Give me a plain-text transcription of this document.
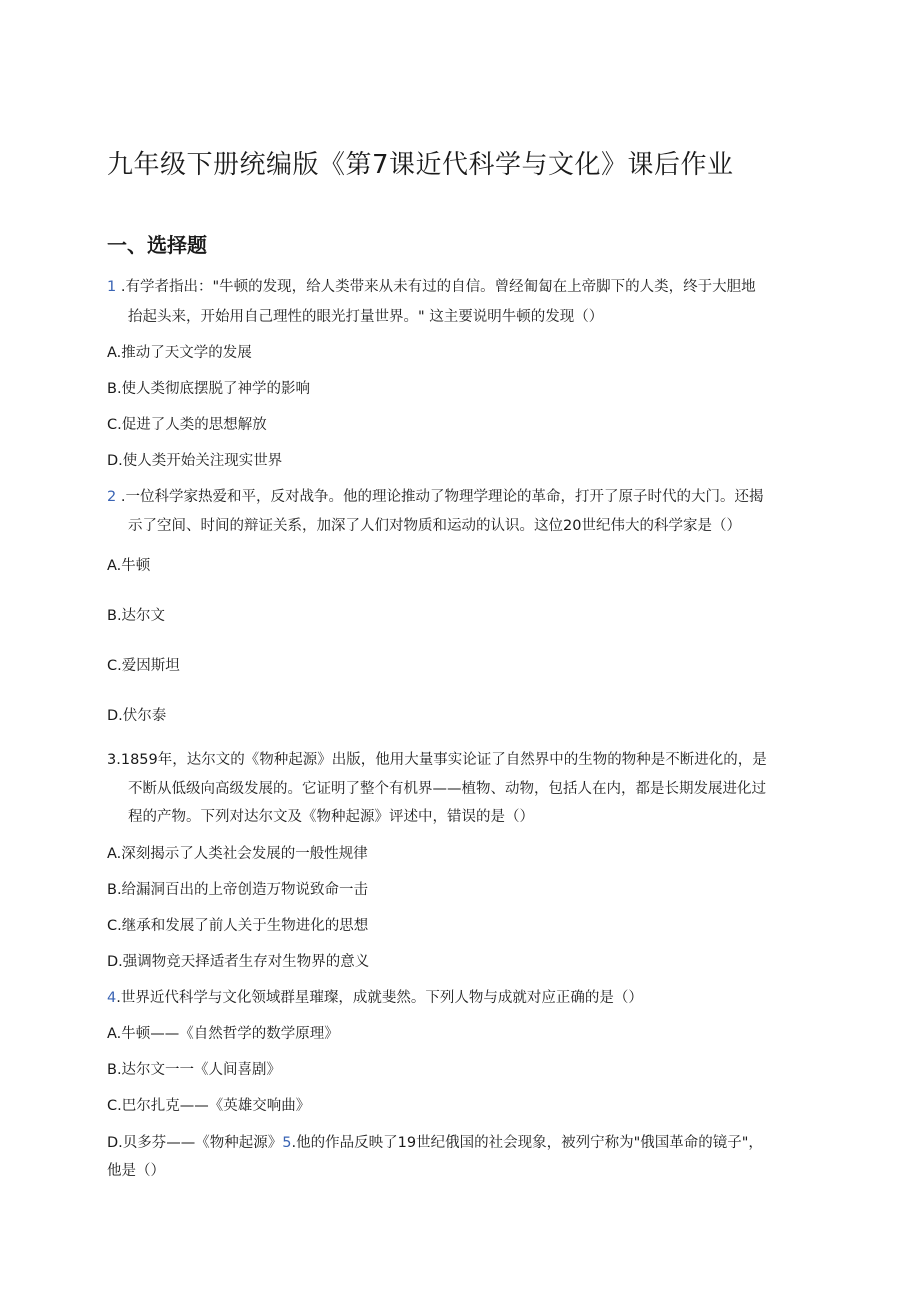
九年级下册统编版《第7课近代科学与文化》课后作业
一、选择题
1 .有学者指出："牛顿的发现，给人类带来从未有过的自信。曾经匍匐在上帝脚下的人类，终于大胆地
抬起头来，开始用自己理性的眼光打量世界。" 这主要说明牛顿的发现（）
A.推动了天文学的发展
B.使人类彻底摆脱了神学的影响
C.促进了人类的思想解放
D.使人类开始关注现实世界
2 .一位科学家热爱和平，反对战争。他的理论推动了物理学理论的革命，打开了原子时代的大门。还揭
示了空间、时间的辩证关系，加深了人们对物质和运动的认识。这位20世纪伟大的科学家是（）
A.牛顿
B.达尔文
C.爱因斯坦
D.伏尔泰
3.1859年，达尔文的《物种起源》出版，他用大量事实论证了自然界中的生物的物种是不断进化的，是
不断从低级向高级发展的。它证明了整个有机界——植物、动物，包括人在内，都是长期发展进化过
程的产物。下列对达尔文及《物种起源》评述中，错误的是（）
A.深刻揭示了人类社会发展的一般性规律
B.给漏洞百出的上帝创造万物说致命一击
C.继承和发展了前人关于生物进化的思想
D.强调物竞天择适者生存对生物界的意义
4.世界近代科学与文化领域群星璀璨，成就斐然。下列人物与成就对应正确的是（）
A.牛顿——《自然哲学的数学原理》
B.达尔文一一《人间喜剧》
C.巴尔扎克——《英雄交响曲》
D.贝多芬——《物种起源》5.他的作品反映了19世纪俄国的社会现象，被列宁称为"俄国革命的镜子"，
他是（）
